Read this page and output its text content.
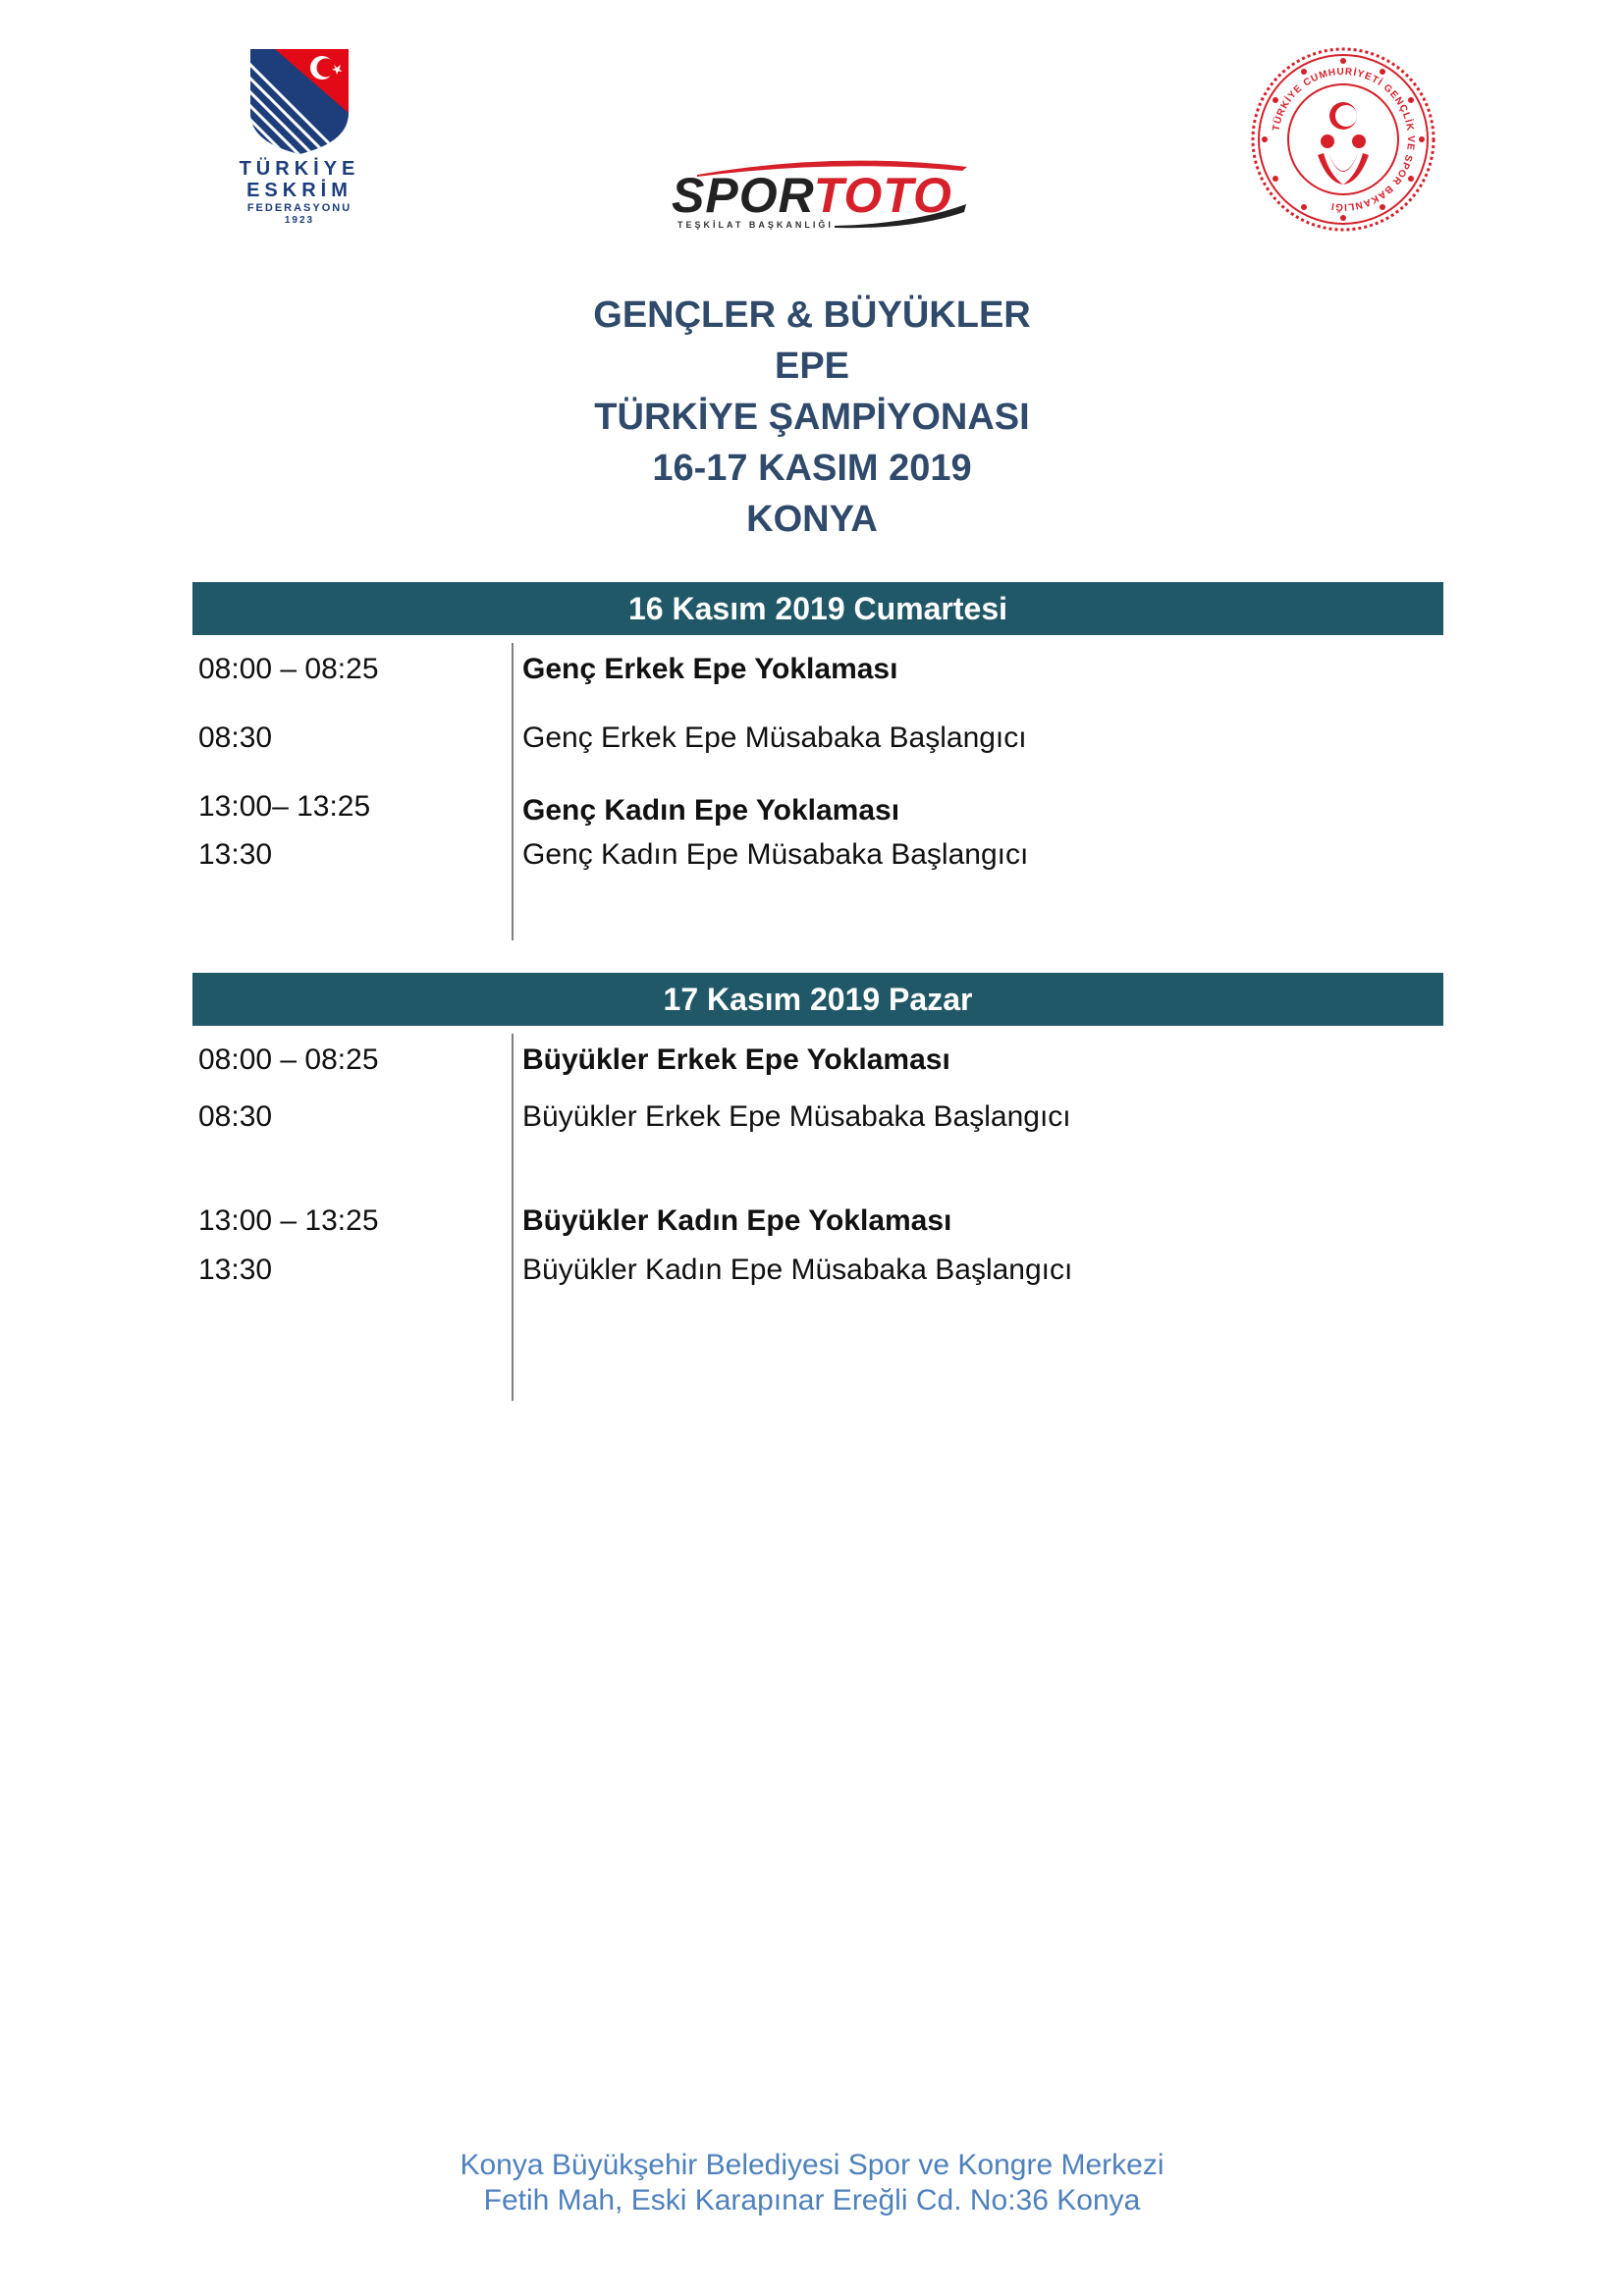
TÜRKİYE
ESKRİM
FEDERASYONU
1923	SPORTOTO
TEŞKİLAT BAŞKANLIĞI
TÜRKİYE CUMHURİYETİ GENÇLİK VE SPOR BAKANLIĞI
GENÇLER & BÜYÜKLER
EPE
TÜRKİYE ŞAMPİYONASI
16-17 KASIM 2019
KONYA
16 Kasım 2019 Cumartesi
08:00 – 08:25	Genç Erkek Epe Yoklaması
08:30	Genç Erkek Epe Müsabaka Başlangıcı
13:00– 13:25	Genç Kadın Epe Yoklaması
13:30	Genç Kadın Epe Müsabaka Başlangıcı
17 Kasım 2019 Pazar
08:00 – 08:25	Büyükler Erkek Epe Yoklaması
08:30	Büyükler Erkek Epe Müsabaka Başlangıcı
13:00 – 13:25	Büyükler Kadın Epe Yoklaması
13:30	Büyükler Kadın Epe Müsabaka Başlangıcı
Konya Büyükşehir Belediyesi Spor ve Kongre Merkezi
Fetih Mah, Eski Karapınar Ereğli Cd. No:36 Konya
